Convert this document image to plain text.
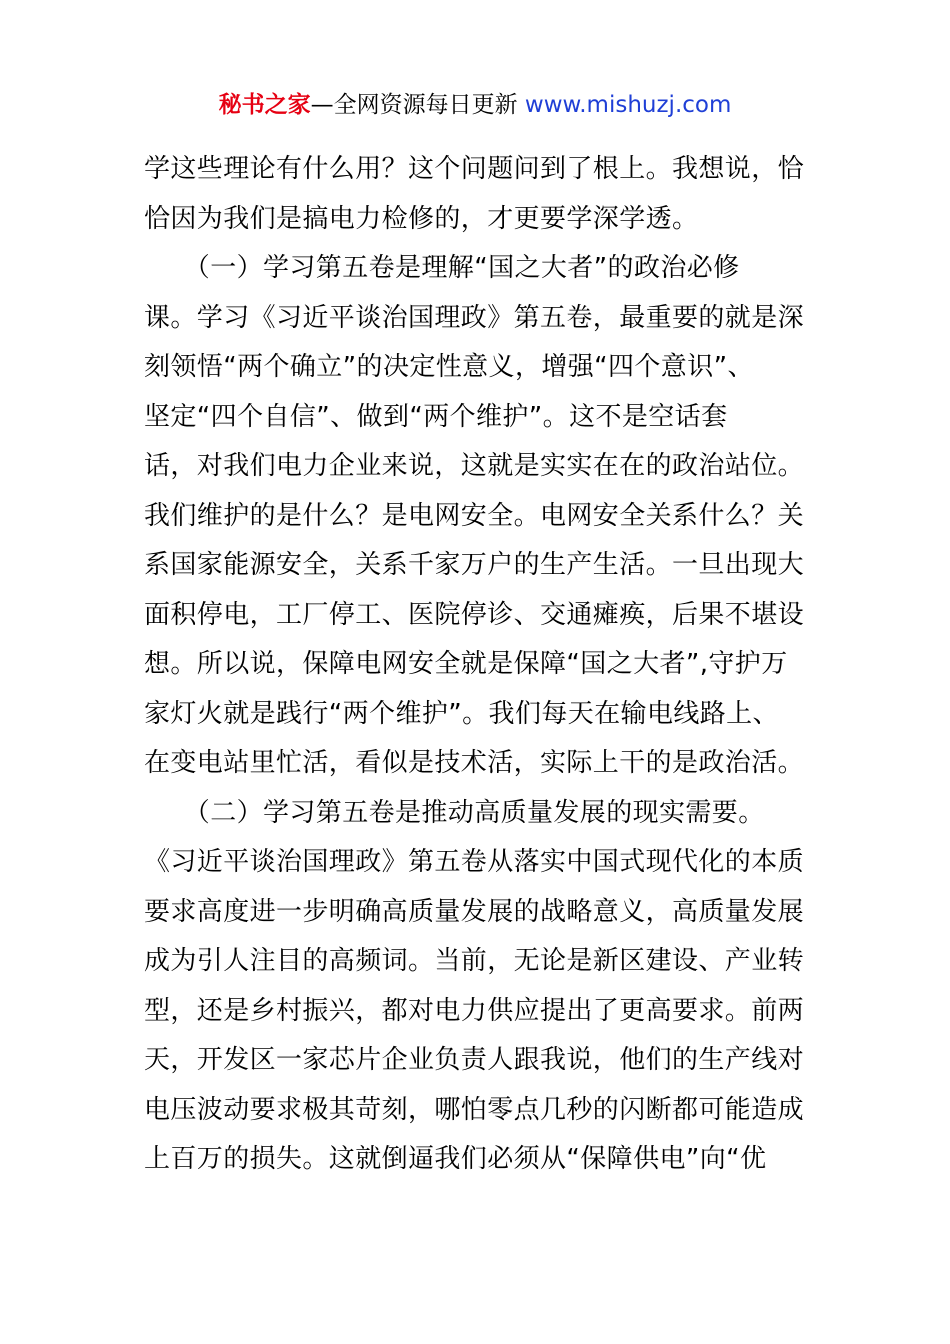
秘书之家—全网资源每日更新 www.mishuzj.com
学这些理论有什么用？这个问题问到了根上。我想说，恰
恰因为我们是搞电力检修的，才更要学深学透。
　　（一）学习第五卷是理解“国之大者”的政治必修
课。学习《习近平谈治国理政》第五卷，最重要的就是深
刻领悟“两个确立”的决定性意义，增强“四个意识”、
坚定“四个自信”、做到“两个维护”。这不是空话套
话，对我们电力企业来说，这就是实实在在的政治站位。
我们维护的是什么？是电网安全。电网安全关系什么？关
系国家能源安全，关系千家万户的生产生活。一旦出现大
面积停电，工厂停工、医院停诊、交通瘫痪，后果不堪设
想。所以说，保障电网安全就是保障“国之大者”,守护万
家灯火就是践行“两个维护”。我们每天在输电线路上、
在变电站里忙活，看似是技术活，实际上干的是政治活。
　　（二）学习第五卷是推动高质量发展的现实需要。
《习近平谈治国理政》第五卷从落实中国式现代化的本质
要求高度进一步明确高质量发展的战略意义，高质量发展
成为引人注目的高频词。当前，无论是新区建设、产业转
型，还是乡村振兴，都对电力供应提出了更高要求。前两
天，开发区一家芯片企业负责人跟我说，他们的生产线对
电压波动要求极其苛刻，哪怕零点几秒的闪断都可能造成
上百万的损失。这就倒逼我们必须从“保障供电”向“优
